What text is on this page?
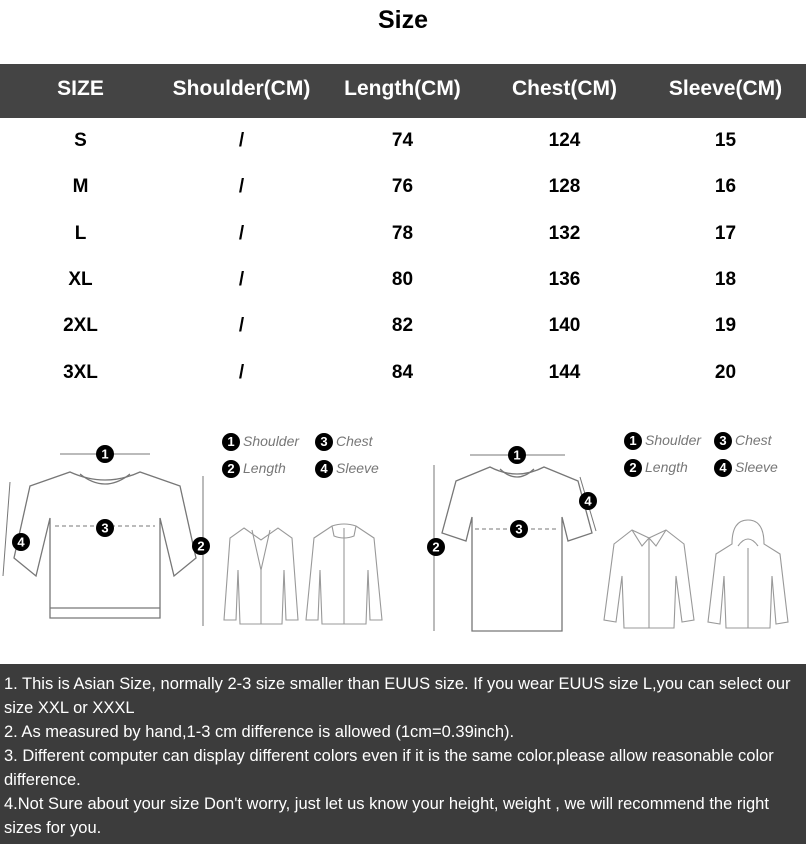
Size
SIZE	Shoulder(CM)	Length(CM)	Chest(CM)	Sleeve(CM)
S	/	74	124	15
M	/	76	128	16
L	/	78	132	17
XL	/	80	136	18
2XL	/	82	140	19
3XL	/	84	144	20
1
3
2
4
1 Shoulder	3 Chest
2 Length	4 Sleeve
1
3
2
4
1 Shoulder	3 Chest
2 Length	4 Sleeve

1. This is Asian Size, normally 2-3 size smaller than EUUS size. If you wear EUUS size L,you can select our size XXL or XXXL

2. As measured by hand,1-3 cm difference is allowed (1cm=0.39inch).

3. Different computer can display different colors even if it is the same color.please allow reasonable color difference.

4.Not Sure about your size Don't worry, just let us know your height, weight , we will recommend the right sizes for you.
